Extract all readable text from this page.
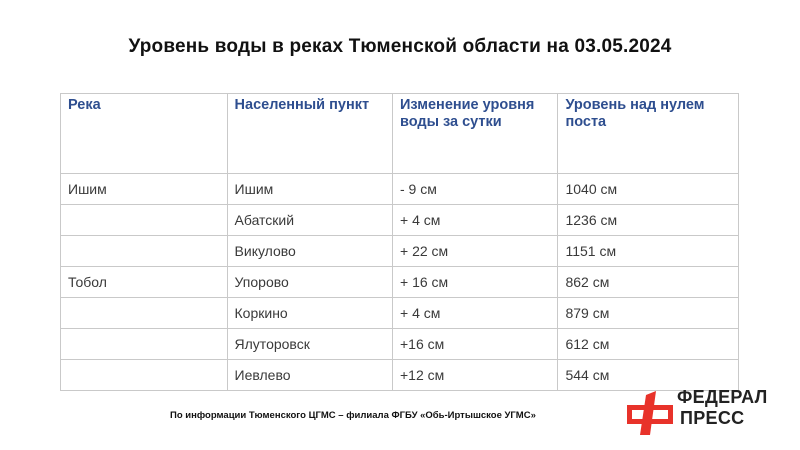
Уровень воды в реках Тюменской области на 03.05.2024
Река	Населенный пункт	Изменение уровня воды за сутки	Уровень над нулем поста
Ишим	Ишим	- 9 см	1040 см
	Абатский	+ 4 см	1236 см
	Викулово	+ 22 см	1151 см
Тобол	Упорово	+ 16 см	862 см
	Коркино	+ 4 см	879 см
	Ялуторовск	+16 см	612 см
	Иевлево	+12 см	544 см
По информации Тюменского ЦГМС – филиала ФГБУ «Обь-Иртышское УГМС»
ФЕДЕРАЛ
ПРЕСС
